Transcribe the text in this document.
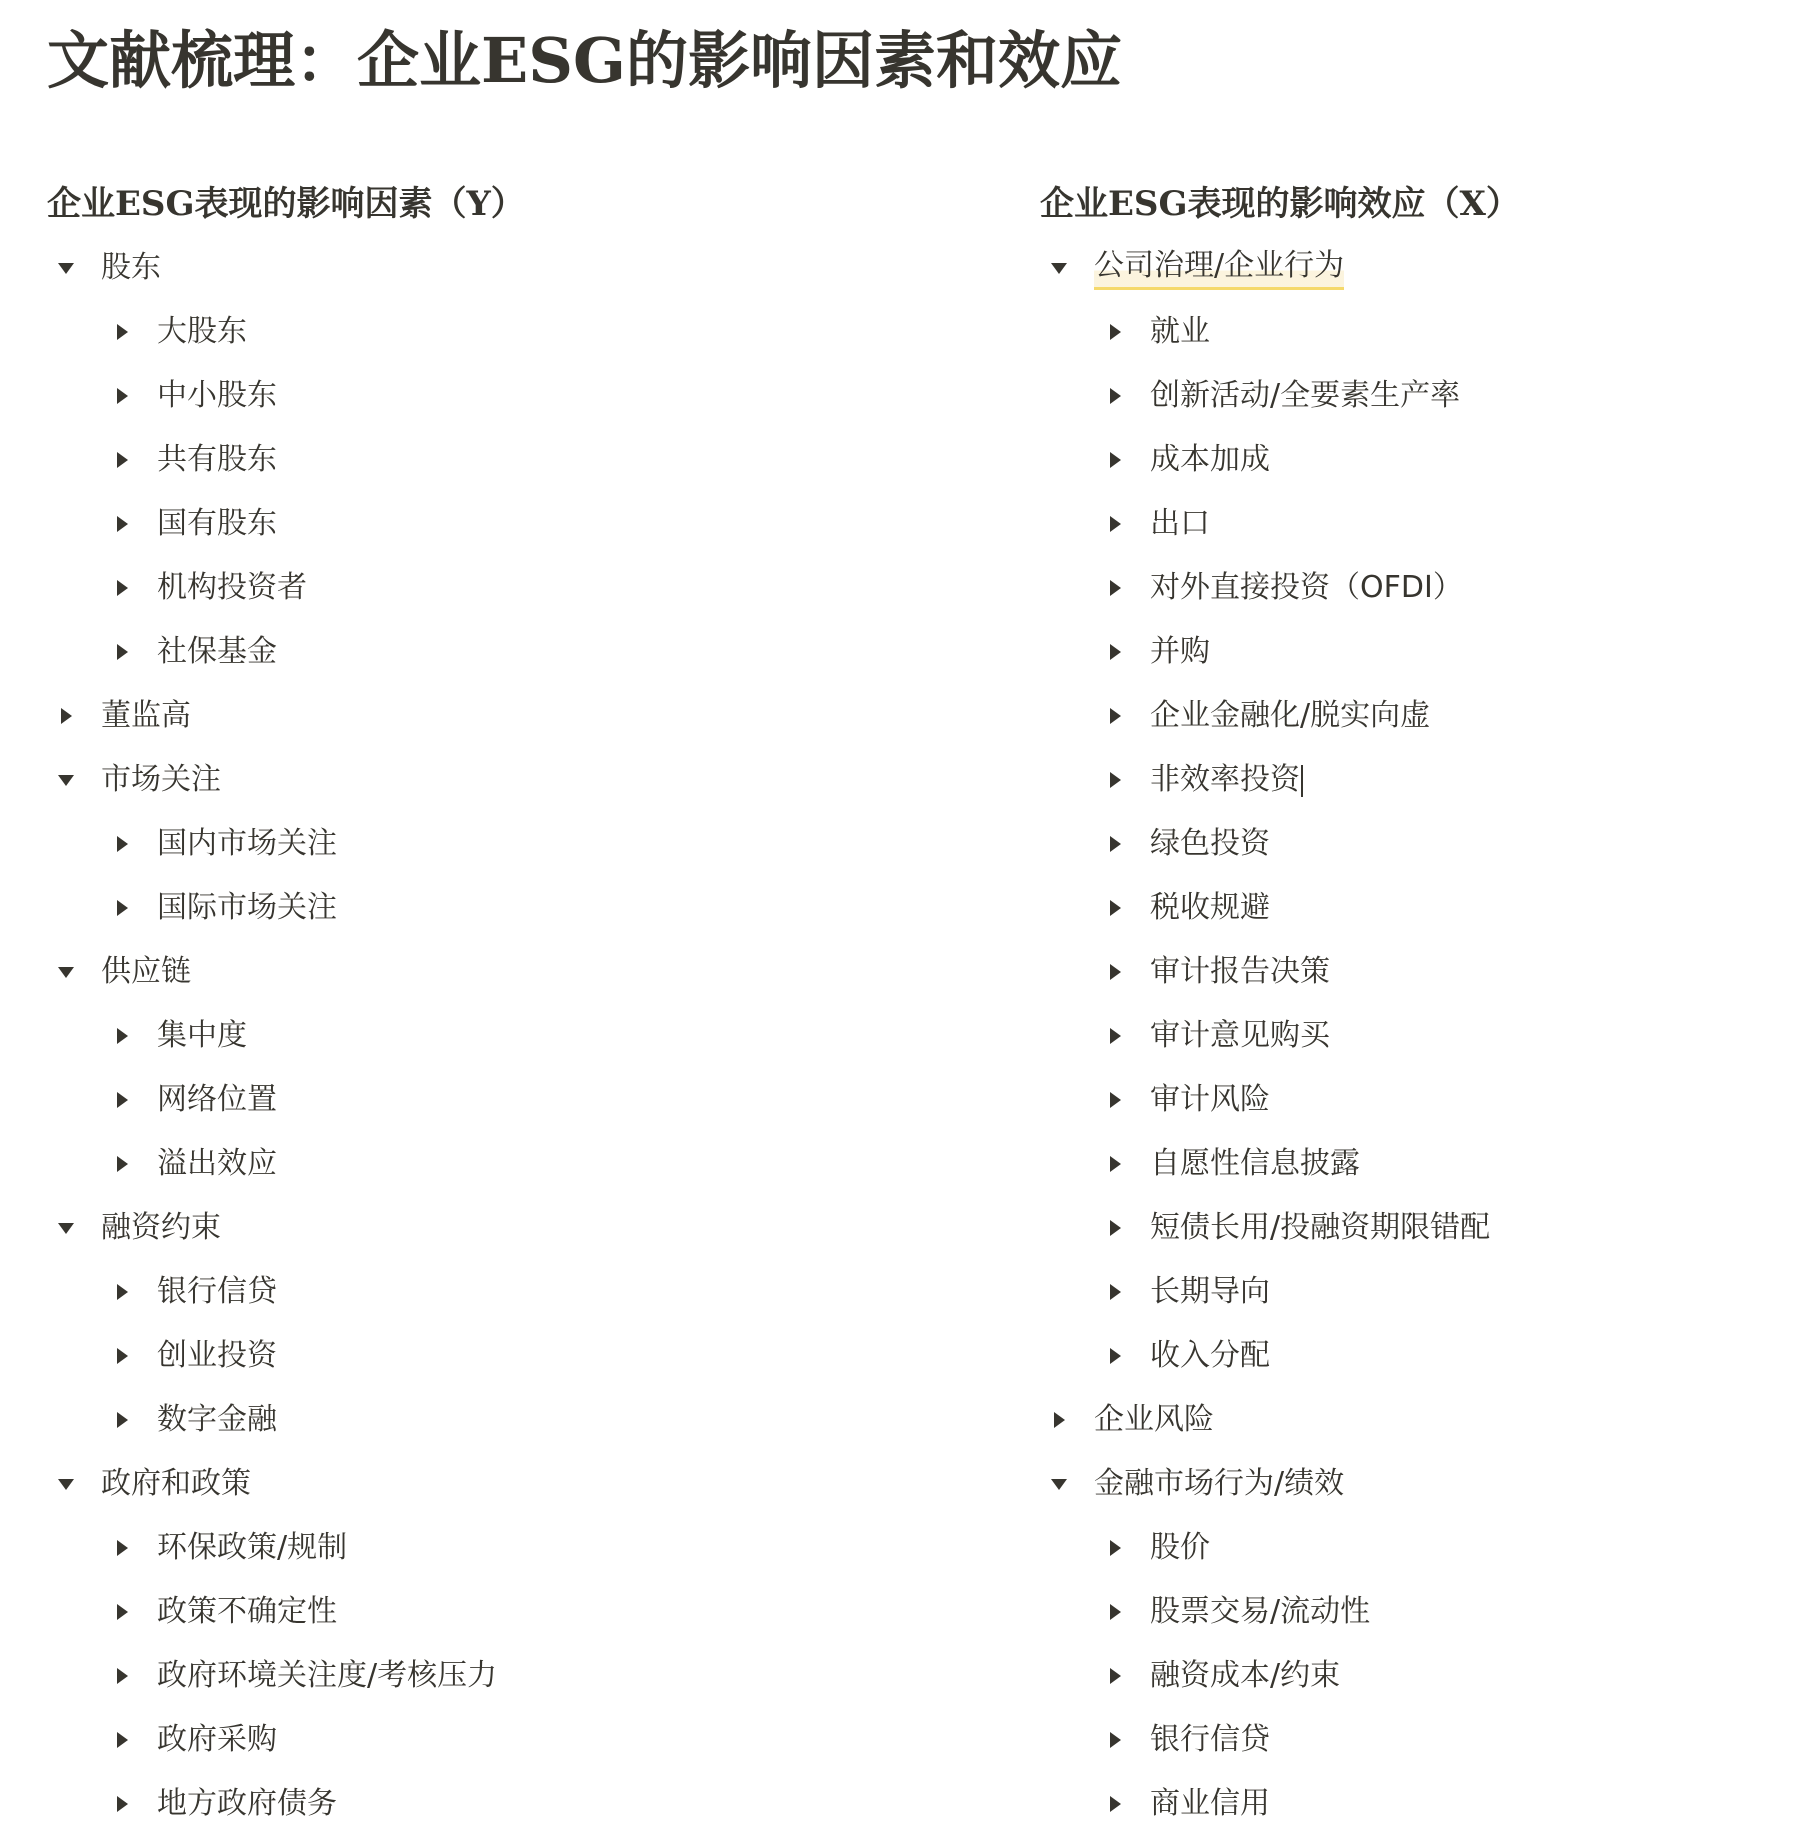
文献梳理：企业ESG的影响因素和效应
企业ESG表现的影响因素（Y）
股东
大股东
中小股东
共有股东
国有股东
机构投资者
社保基金
董监高
市场关注
国内市场关注
国际市场关注
供应链
集中度
网络位置
溢出效应
融资约束
银行信贷
创业投资
数字金融
政府和政策
环保政策/规制
政策不确定性
政府环境关注度/考核压力
政府采购
地方政府债务
企业ESG表现的影响效应（X）
公司治理/企业行为
就业
创新活动/全要素生产率
成本加成
出口
对外直接投资（OFDI）
并购
企业金融化/脱实向虚
非效率投资
绿色投资
税收规避
审计报告决策
审计意见购买
审计风险
自愿性信息披露
短债长用/投融资期限错配
长期导向
收入分配
企业风险
金融市场行为/绩效
股价
股票交易/流动性
融资成本/约束
银行信贷
商业信用
